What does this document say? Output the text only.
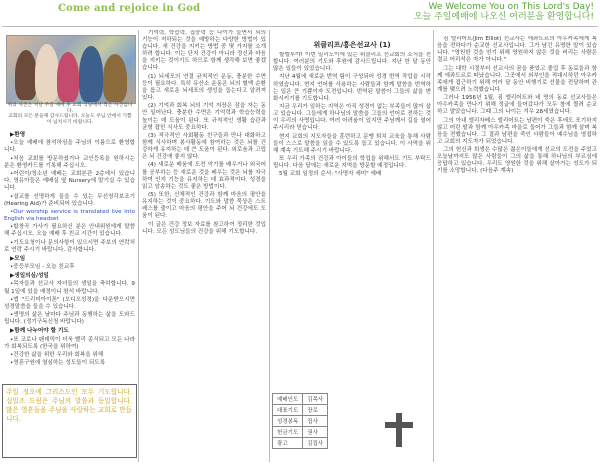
Come and rejoice in God	We Welcome You on This Lord's Day!
오늘 주일예배에 나오신 여러분을 환영합니다!
위의 사진은 지난 주일 예배 후 교회 식당에서 찍은 사진입니다.
교회의 모든 분들께 감사드립니다. 오늘도 주님 안에서 기쁨이 넘치시기 바랍니다.

▶환영

•오늘 예배에 참석하심을 주님의 이름으로 환영합니다.

•처음 교회를 방문하셨거나 교인등록을 원하시는 분은 환영카드를 기록해 주십시오.

•어린이/청소년 예배는 교회본관 2층에서 있습니다. 영유아들은 예배실 옆 Nursery에 맡기실 수 있습니다.

•설교를 선명하게 들을 수 있는 무선청각보조기(Hearing Aid)가 준비되어 있습니다.

•Our worship service is translated live into English via headset

•합창곡 가사가 필요하신 분은 안내위원에게 말씀해 주십시오. 오늘 예배 후 친교 시간이 있습니다.

•기도요청이나 문의사항이 있으시면 주보의 연락처로 연락 주시기 바랍니다. 감사합니다.

▶모임

•중등부모임 - 오늘 친교후

▶생일의심/성일

•목자들과 선교사 자녀들의 생일을 축하합니다. 9월 1일에 있을 예정이니 참석 바랍니다.

•앱 "드리미아이폰" (오디오성경)을 다운받으시면 성경말씀을 들을 수 있습니다.

•생명의 삶은 날마다 주님과 동행하는 삶을 도와드립니다. (정기구독신청 바랍니다)

▶함께 나누어야 할 기도

•또 코로나 팬데믹이 더욱 빨리 종식되고 모든 나라가 회복되도록 (한국을 위하여)

•건강한 삶을 위한 우리와 회복을 위해

•영혼구원에 열심하는 성도들이 되도록

주일 정오에 그리스도인 모두 기도합니다. 십일조 드림은 주님의 말씀과 동일합니다. 많은 영혼들을 주님을 사랑하는 교회로 만듭니다.

기억력, 학습력, 집중력 등 나이가 들면서 뇌의 기능이 저하되는 것을 예방하는 다양한 방법이 있습니다. 새 건강을 지키는 방법 중 몇 가지를 소개하려 합니다. 이는 단지 건강이 아니라 정신과 마음을 지키는 것이기도 하므로 함께 생각해 보면 좋겠습니다.

(1) 뇌세포의 연결 규칙적인 운동, 충분한 수면 등이 필요하다. 특히 유산소 운동은 뇌의 혈액 순환을 돕고 새로운 뇌세포의 생성을 돕는다고 알려져 있다.

(2) 기억과 회복 뇌의 기억 저장은 잠을 자는 동안 일어난다. 충분한 수면은 기억력과 학습능력을 높이는 데 도움이 된다. 또 규칙적인 생활 습관과 균형 잡힌 식사도 중요하다.

(3) 적극적인 사회활동 친구들과 만나 대화하고 함께 식사하며 봉사활동에 참여하는 것은 뇌를 건강하게 유지하는 데 큰 도움이 된다. 외로움과 고립은 뇌 건강에 좋지 않다.

(4) 새로운 배움에 도전 악기를 배우거나 외국어를 공부하는 등 새로운 것을 배우는 것은 뇌를 자극하여 인지 기능을 유지하는 데 효과적이다. 성경을 읽고 암송하는 것도 좋은 방법이다.

(5) 또한, 신체적인 건강과 함께 마음의 평안을 유지하는 것이 중요하다. 기도와 말씀 묵상은 스트레스를 줄이고 마음의 평안을 주어 뇌 건강에도 도움이 된다.

이 글은 건강 정보 자료를 참고하여 정리한 것입니다. 모든 성도님들의 건강을 위해 기도합니다.

위클리프/흥은선교사 (1)

할렐루야! 이번 일리노이에 있는 위클리프 선교회의 소식을 전합니다. 여러분의 기도와 후원에 감사드립니다. 지난 한 달 동안 많은 일들이 있었습니다.

지난 4월에 새로운 번역 팀이 구성되어 성경 번역 작업을 시작하였습니다. 현지 언어를 사용하는 사람들과 함께 말씀을 번역하는 일은 큰 기쁨이자 도전입니다. 번역된 말씀이 그들의 삶을 변화시키기를 기도합니다.

지금 우리가 일하는 지역은 아직 성경이 없는 부족들이 많이 살고 있습니다. 그들에게 하나님의 말씀을 그들의 언어로 전하는 것이 우리의 사명입니다. 여러 어려움이 있지만 주님께서 길을 열어 주시리라 믿습니다.

현지 교회의 지도자들을 훈련하고 문맹 퇴치 교육을 통해 사람들이 스스로 말씀을 읽을 수 있도록 돕고 있습니다. 이 사역을 위해 계속 기도해 주시기 바랍니다.

또 우리 가족의 건강과 아이들의 학업을 위해서도 기도 부탁드립니다. 다음 달에는 새로운 지역을 방문할 예정입니다.

5월 교회 일정의 순서: "사명자 세미" 예배

예배인도	김목사
대표기도	장로
성경봉독	집사
헌금기도	권사
광고	김집사

짐 엘리어트(Jim Elliot) 선교사는 에콰도르의 아우카족에게 복음을 전하다가 순교한 선교사입니다. 그가 남긴 유명한 말이 있습니다. "영원한 것을 얻기 위해 영원하지 않은 것을 버리는 사람은 결코 어리석은 자가 아니다."

그는 대학 시절부터 선교사의 꿈을 품었고 졸업 후 동료들과 함께 에콰도르로 떠났습니다. 그곳에서 외부인을 적대시하던 아우카족에게 접근하기 위해 여러 달 동안 비행기로 선물을 전달하며 관계를 맺으려 노력했습니다.

그러나 1956년 1월, 짐 엘리어트와 네 명의 동료 선교사들은 아우카족을 만나기 위해 정글에 들어갔다가 모두 창에 찔려 순교하고 말았습니다. 그때 그의 나이는 겨우 28세였습니다.

그의 아내 엘리자베스 엘리어트는 남편이 죽은 후에도 포기하지 않고 어린 딸과 함께 아우카족 마을로 들어가 그들과 함께 살며 복음을 전했습니다. 그 결과 남편을 죽인 사람들이 예수님을 영접하고 교회의 지도자가 되었습니다.

그의 헌신과 희생은 수많은 젊은이들에게 선교의 도전을 주었고 오늘날까지도 많은 사람들이 그의 삶을 통해 하나님의 부르심에 응답하고 있습니다. 우리도 영원한 것을 위해 살아가는 성도가 되기를 소망합니다. (다음주 계속)
